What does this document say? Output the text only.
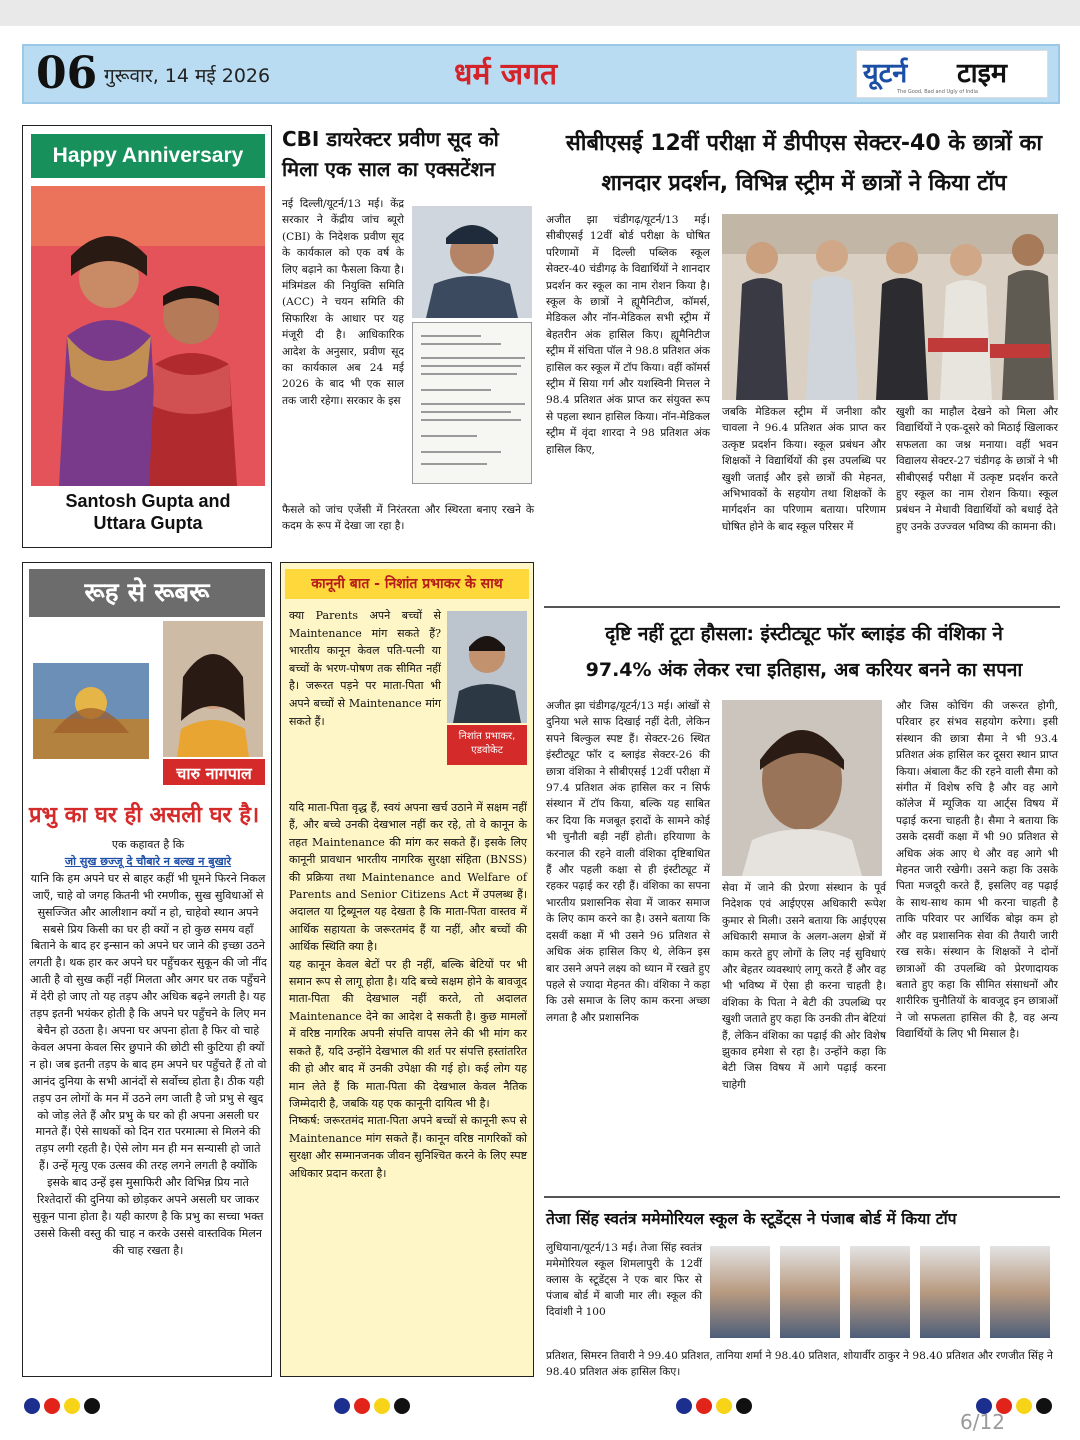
06 गुरूवार, 14 मई 2026	धर्म जगत	यूटर्न टाइम
The Good, Bad and Ugly of India
Happy Anniversary
Santosh Gupta and
Uttara Gupta
रूह से रूबरू
चारु नागपाल
प्रभु का घर ही असली घर है।
एक कहावत है कि
जो सुख छज्जू दे चौबारे न बल्ख न बुखारे
यानि कि हम अपने घर से बाहर कहीं भी घूमने फिरने निकल जाएँ, चाहे वो जगह कितनी भी रमणीक, सुख सुविधाओं से सुसज्जित और आलीशान क्यों न हो, चाहेवो स्थान अपने सबसे प्रिय किसी का घर ही क्यों न हो कुछ समय वहाँ बिताने के बाद हर इन्सान को अपने घर जाने की इच्छा उठने लगती है। थक हार कर अपने घर पहुँचकर सुकून की जो नींद आती है वो सुख कहीं नहीं मिलता और अगर घर तक पहुँचने में देरी हो जाए तो यह तड़प और अधिक बढ़ने लगती है। यह तड़प इतनी भयंकर होती है कि अपने घर पहुँचने के लिए मन बेचैन हो उठता है। अपना घर अपना होता है फिर वो चाहे केवल अपना केवल सिर छुपाने की छोटी सी कुटिया ही क्यों न हो। जब इतनी तड़प के बाद हम अपने घर पहुँचते हैं तो वो आनंद दुनिया के सभी आनंदों से सर्वोच्च होता है। ठीक यही तड़प उन लोगों के मन में उठने लग जाती है जो प्रभु से खुद को जोड़ लेते हैं और प्रभु के घर को ही अपना असली घर मानते हैं। ऐसे साधकों को दिन रात परमात्मा से मिलने की तड़प लगी रहती है। ऐसे लोग मन ही मन सन्यासी हो जाते हैं। उन्हें मृत्यु एक उत्सव की तरह लगने लगती है क्योंकि इसके बाद उन्हें इस मुसाफिरी और विभिन्न प्रिय नाते रिश्तेदारों की दुनिया को छोड़कर अपने असली घर जाकर सुकून पाना होता है। यही कारण है कि प्रभु का सच्चा भक्त उससे किसी वस्तु की चाह न करके उससे वास्तविक मिलन की चाह रखता है।
CBI डायरेक्टर प्रवीण सूद को मिला एक साल का एक्सटेंशन
नई दिल्ली/यूटर्न/13 मई। केंद्र सरकार ने केंद्रीय जांच ब्यूरो (CBI) के निदेशक प्रवीण सूद के कार्यकाल को एक वर्ष के लिए बढ़ाने का फैसला किया है। मंत्रिमंडल की नियुक्ति समिति (ACC) ने चयन समिति की सिफारिश के आधार पर यह मंजूरी दी है। आधिकारिक आदेश के अनुसार, प्रवीण सूद का कार्यकाल अब 24 मई 2026 के बाद भी एक साल तक जारी रहेगा। सरकार के इस
फैसले को जांच एजेंसी में निरंतरता और स्थिरता बनाए रखने के कदम के रूप में देखा जा रहा है।
कानूनी बात - निशांत प्रभाकर के साथ
क्या Parents अपने बच्चों से Maintenance मांग सकते हैं? भारतीय कानून केवल पति-पत्नी या बच्चों के भरण-पोषण तक सीमित नहीं है। जरूरत पड़ने पर माता-पिता भी अपने बच्चों से Maintenance मांग सकते हैं।
निशांत प्रभाकर,
एडवोकेट

यदि माता-पिता वृद्ध हैं, स्वयं अपना खर्च उठाने में सक्षम नहीं हैं, और बच्चे उनकी देखभाल नहीं कर रहे, तो वे कानून के तहत Maintenance की मांग कर सकते हैं। इसके लिए कानूनी प्रावधान भारतीय नागरिक सुरक्षा संहिता (BNSS) की प्रक्रिया तथा Maintenance and Welfare of Parents and Senior Citizens Act में उपलब्ध हैं। अदालत या ट्रिब्यूनल यह देखता है कि माता-पिता वास्तव में आर्थिक सहायता के जरूरतमंद हैं या नहीं, और बच्चों की आर्थिक स्थिति क्या है।

यह कानून केवल बेटों पर ही नहीं, बल्कि बेटियों पर भी समान रूप से लागू होता है। यदि बच्चे सक्षम होने के बावजूद माता-पिता की देखभाल नहीं करते, तो अदालत Maintenance देने का आदेश दे सकती है। कुछ मामलों में वरिष्ठ नागरिक अपनी संपत्ति वापस लेने की भी मांग कर सकते हैं, यदि उन्होंने देखभाल की शर्त पर संपत्ति हस्तांतरित की हो और बाद में उनकी उपेक्षा की गई हो। कई लोग यह मान लेते हैं कि माता-पिता की देखभाल केवल नैतिक जिम्मेदारी है, जबकि यह एक कानूनी दायित्व भी है।

निष्कर्ष: जरूरतमंद माता-पिता अपने बच्चों से कानूनी रूप से Maintenance मांग सकते हैं। कानून वरिष्ठ नागरिकों को सुरक्षा और सम्मानजनक जीवन सुनिश्चित करने के लिए स्पष्ट अधिकार प्रदान करता है।

सीबीएसई 12वीं परीक्षा में डीपीएस सेक्टर-40 के छात्रों का
शानदार प्रदर्शन, विभिन्न स्ट्रीम में छात्रों ने किया टॉप
अजीत झा चंडीगढ़/यूटर्न/13 मई। सीबीएसई 12वीं बोर्ड परीक्षा के घोषित परिणामों में दिल्ली पब्लिक स्कूल सेक्टर-40 चंडीगढ़ के विद्यार्थियों ने शानदार प्रदर्शन कर स्कूल का नाम रोशन किया है। स्कूल के छात्रों ने ह्यूमैनिटीज, कॉमर्स, मेडिकल और नॉन-मेडिकल सभी स्ट्रीम में बेहतरीन अंक हासिल किए। ह्यूमैनिटीज स्ट्रीम में संचिता पॉल ने 98.8 प्रतिशत अंक हासिल कर स्कूल में टॉप किया। वहीं कॉमर्स स्ट्रीम में सिया गर्ग और यशस्विनी मित्तल ने 98.4 प्रतिशत अंक प्राप्त कर संयुक्त रूप से पहला स्थान हासिल किया। नॉन-मेडिकल स्ट्रीम में वृंदा शारदा ने 98 प्रतिशत अंक हासिल किए,
जबकि मेडिकल स्ट्रीम में जनीशा कौर चावला ने 96.4 प्रतिशत अंक प्राप्त कर उत्कृष्ट प्रदर्शन किया। स्कूल प्रबंधन और शिक्षकों ने विद्यार्थियों की इस उपलब्धि पर खुशी जताई और इसे छात्रों की मेहनत, अभिभावकों के सहयोग तथा शिक्षकों के मार्गदर्शन का परिणाम बताया। परिणाम घोषित होने के बाद स्कूल परिसर में
खुशी का माहौल देखने को मिला और विद्यार्थियों ने एक-दूसरे को मिठाई खिलाकर सफलता का जश्न मनाया। वहीं भवन विद्यालय सेक्टर-27 चंडीगढ़ के छात्रों ने भी सीबीएसई परीक्षा में उत्कृष्ट प्रदर्शन करते हुए स्कूल का नाम रोशन किया। स्कूल प्रबंधन ने मेधावी विद्यार्थियों को बधाई देते हुए उनके उज्ज्वल भविष्य की कामना की।
दृष्टि नहीं टूटा हौसला: इंस्टीट्यूट फॉर ब्लाइंड की वंशिका ने
97.4% अंक लेकर रचा इतिहास, अब करियर बनने का सपना
अजीत झा चंडीगढ़/यूटर्न/13 मई। आंखों से दुनिया भले साफ दिखाई नहीं देती, लेकिन सपने बिल्कुल स्पष्ट हैं। सेक्टर-26 स्थित इंस्टीट्यूट फॉर द ब्लाइंड सेक्टर-26 की छात्रा वंशिका ने सीबीएसई 12वीं परीक्षा में 97.4 प्रतिशत अंक हासिल कर न सिर्फ संस्थान में टॉप किया, बल्कि यह साबित कर दिया कि मजबूत इरादों के सामने कोई भी चुनौती बड़ी नहीं होती। हरियाणा के करनाल की रहने वाली वंशिका दृष्टिबाधित हैं और पहली कक्षा से ही इंस्टीट्यूट में रहकर पढ़ाई कर रही हैं। वंशिका का सपना भारतीय प्रशासनिक सेवा में जाकर समाज के लिए काम करने का है। उसने बताया कि दसवीं कक्षा में भी उसने 96 प्रतिशत से अधिक अंक हासिल किए थे, लेकिन इस बार उसने अपने लक्ष्य को ध्यान में रखते हुए पहले से ज्यादा मेहनत की। वंशिका ने कहा कि उसे समाज के लिए काम करना अच्छा लगता है और प्रशासनिक
सेवा में जाने की प्रेरणा संस्थान के पूर्व निदेशक एवं आईएएस अधिकारी रूपेश कुमार से मिली। उसने बताया कि आईएएस अधिकारी समाज के अलग-अलग क्षेत्रों में काम करते हुए लोगों के लिए नई सुविधाएं और बेहतर व्यवस्थाएं लागू करते हैं और वह भी भविष्य में ऐसा ही करना चाहती है। वंशिका के पिता ने बेटी की उपलब्धि पर खुशी जताते हुए कहा कि उनकी तीन बेटियां हैं, लेकिन वंशिका का पढ़ाई की ओर विशेष झुकाव हमेशा से रहा है। उन्होंने कहा कि बेटी जिस विषय में आगे पढ़ाई करना चाहेगी
और जिस कोचिंग की जरूरत होगी, परिवार हर संभव सहयोग करेगा। इसी संस्थान की छात्रा सैमा ने भी 93.4 प्रतिशत अंक हासिल कर दूसरा स्थान प्राप्त किया। अंबाला कैंट की रहने वाली सैमा को संगीत में विशेष रुचि है और वह आगे कॉलेज में म्यूजिक या आर्ट्स विषय में पढ़ाई करना चाहती है। सैमा ने बताया कि उसके दसवीं कक्षा में भी 90 प्रतिशत से अधिक अंक आए थे और वह आगे भी मेहनत जारी रखेगी। उसने कहा कि उसके पिता मजदूरी करते हैं, इसलिए वह पढ़ाई के साथ-साथ काम भी करना चाहती है ताकि परिवार पर आर्थिक बोझ कम हो और वह प्रशासनिक सेवा की तैयारी जारी रख सके। संस्थान के शिक्षकों ने दोनों छात्राओं की उपलब्धि को प्रेरणादायक बताते हुए कहा कि सीमित संसाधनों और शारीरिक चुनौतियों के बावजूद इन छात्राओं ने जो सफलता हासिल की है, वह अन्य विद्यार्थियों के लिए भी मिसाल है।
तेजा सिंह स्वतंत्र ममेमोरियल स्कूल के स्टूडेंट्स ने पंजाब बोर्ड में किया टॉप
लुधियाना/यूटर्न/13 मई। तेजा सिंह स्वतंत्र ममेमोरियल स्कूल शिमलापुरी के 12वीं क्लास के स्टूडेंट्स ने एक बार फिर से पंजाब बोर्ड में बाजी मार ली। स्कूल की दिवांशी ने 100
प्रतिशत, सिमरन तिवारी ने 99.40 प्रतिशत, तानिया शर्मा ने 98.40 प्रतिशत, शोयार्वीर ठाकुर ने 98.40 प्रतिशत और रणजीत सिंह ने 98.40 प्रतिशत अंक हासिल किए।
6/12
